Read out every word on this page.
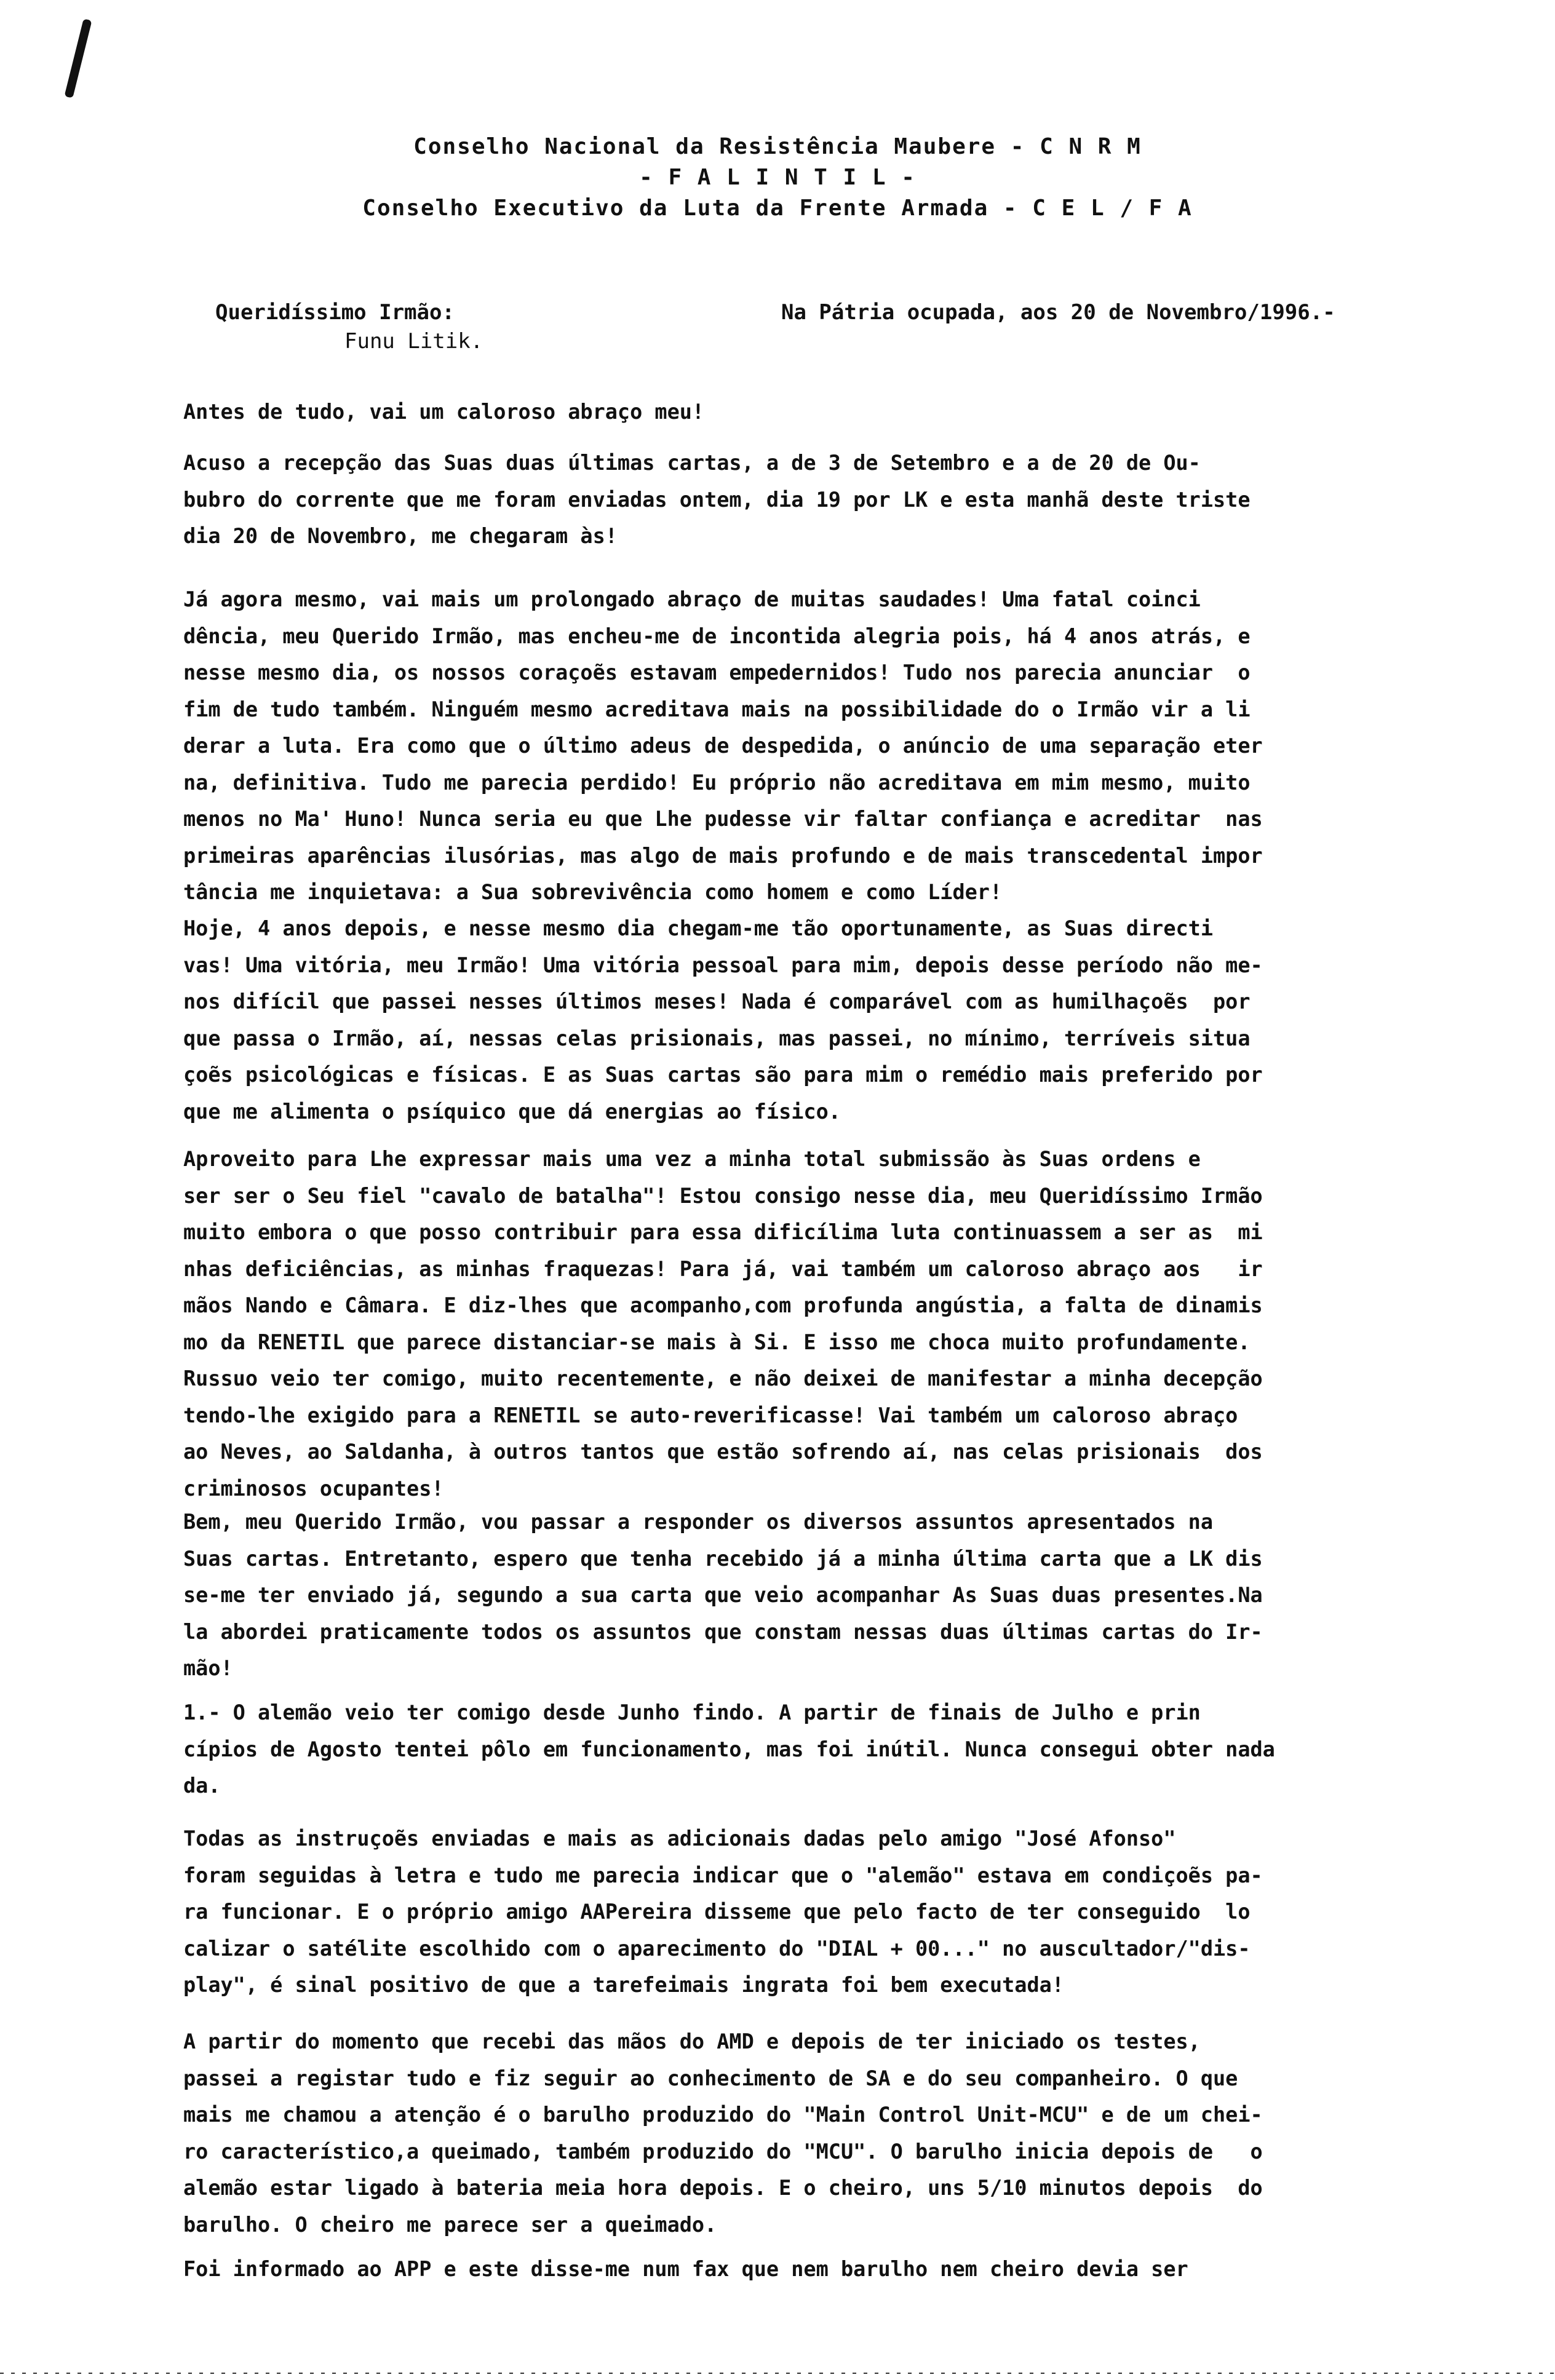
Conselho Nacional da Resistência Maubere - C N R M
- F A L I N T I L -
Conselho Executivo da Luta da Frente Armada - C E L / F A
Queridíssimo Irmão:
Funu Litik.
Na Pátria ocupada, aos 20 de Novembro/1996.-
Antes de tudo, vai um caloroso abraço meu!
Acuso a recepção das Suas duas últimas cartas, a de 3 de Setembro e a de 20 de Ou-
bubro do corrente que me foram enviadas ontem, dia 19 por LK e esta manhã deste triste
dia 20 de Novembro, me chegaram às!
Já agora mesmo, vai mais um prolongado abraço de muitas saudades! Uma fatal coinci
dência, meu Querido Irmão, mas encheu-me de incontida alegria pois, há 4 anos atrás, e
nesse mesmo dia, os nossos coraçoẽs estavam empedernidos! Tudo nos parecia anunciar  o
fim de tudo também. Ninguém mesmo acreditava mais na possibilidade do o Irmão vir a li
derar a luta. Era como que o último adeus de despedida, o anúncio de uma separação eter
na, definitiva. Tudo me parecia perdido! Eu próprio não acreditava em mim mesmo, muito
menos no Ma' Huno! Nunca seria eu que Lhe pudesse vir faltar confiança e acreditar  nas
primeiras aparências ilusórias, mas algo de mais profundo e de mais transcedental impor
tância me inquietava: a Sua sobrevivência como homem e como Líder!
Hoje, 4 anos depois, e nesse mesmo dia chegam-me tão oportunamente, as Suas directi
vas! Uma vitória, meu Irmão! Uma vitória pessoal para mim, depois desse período não me-
nos difícil que passei nesses últimos meses! Nada é comparável com as humilhaçoẽs  por
que passa o Irmão, aí, nessas celas prisionais, mas passei, no mínimo, terríveis situa
çoẽs psicológicas e físicas. E as Suas cartas são para mim o remédio mais preferido por
que me alimenta o psíquico que dá energias ao físico.
Aproveito para Lhe expressar mais uma vez a minha total submissão às Suas ordens e
ser ser o Seu fiel "cavalo de batalha"! Estou consigo nesse dia, meu Queridíssimo Irmão
muito embora o que posso contribuir para essa dificílima luta continuassem a ser as  mi
nhas deficiências, as minhas fraquezas! Para já, vai também um caloroso abraço aos   ir
mãos Nando e Câmara. E diz-lhes que acompanho,com profunda angústia, a falta de dinamis
mo da RENETIL que parece distanciar-se mais à Si. E isso me choca muito profundamente.
Russuo veio ter comigo, muito recentemente, e não deixei de manifestar a minha decepção
tendo-lhe exigido para a RENETIL se auto-reverificasse! Vai também um caloroso abraço
ao Neves, ao Saldanha, à outros tantos que estão sofrendo aí, nas celas prisionais  dos
criminosos ocupantes!
Bem, meu Querido Irmão, vou passar a responder os diversos assuntos apresentados na
Suas cartas. Entretanto, espero que tenha recebido já a minha última carta que a LK dis
se-me ter enviado já, segundo a sua carta que veio acompanhar As Suas duas presentes.Na
la abordei praticamente todos os assuntos que constam nessas duas últimas cartas do Ir-
mão!
1.- O alemão veio ter comigo desde Junho findo. A partir de finais de Julho e prin
cípios de Agosto tentei pôlo em funcionamento, mas foi inútil. Nunca consegui obter nada
da.
Todas as instruçoẽs enviadas e mais as adicionais dadas pelo amigo "José Afonso"
foram seguidas à letra e tudo me parecia indicar que o "alemão" estava em condiçoẽs pa-
ra funcionar. E o próprio amigo AAPereira disseme que pelo facto de ter conseguido  lo
calizar o satélite escolhido com o aparecimento do "DIAL + 00..." no auscultador/"dis-
play", é sinal positivo de que a tarefeimais ingrata foi bem executada!
A partir do momento que recebi das mãos do AMD e depois de ter iniciado os testes,
passei a registar tudo e fiz seguir ao conhecimento de SA e do seu companheiro. O que
mais me chamou a atenção é o barulho produzido do "Main Control Unit-MCU" e de um chei-
ro característico,a queimado, também produzido do "MCU". O barulho inicia depois de   o
alemão estar ligado à bateria meia hora depois. E o cheiro, uns 5/10 minutos depois  do
barulho. O cheiro me parece ser a queimado.
Foi informado ao APP e este disse-me num fax que nem barulho nem cheiro devia ser
